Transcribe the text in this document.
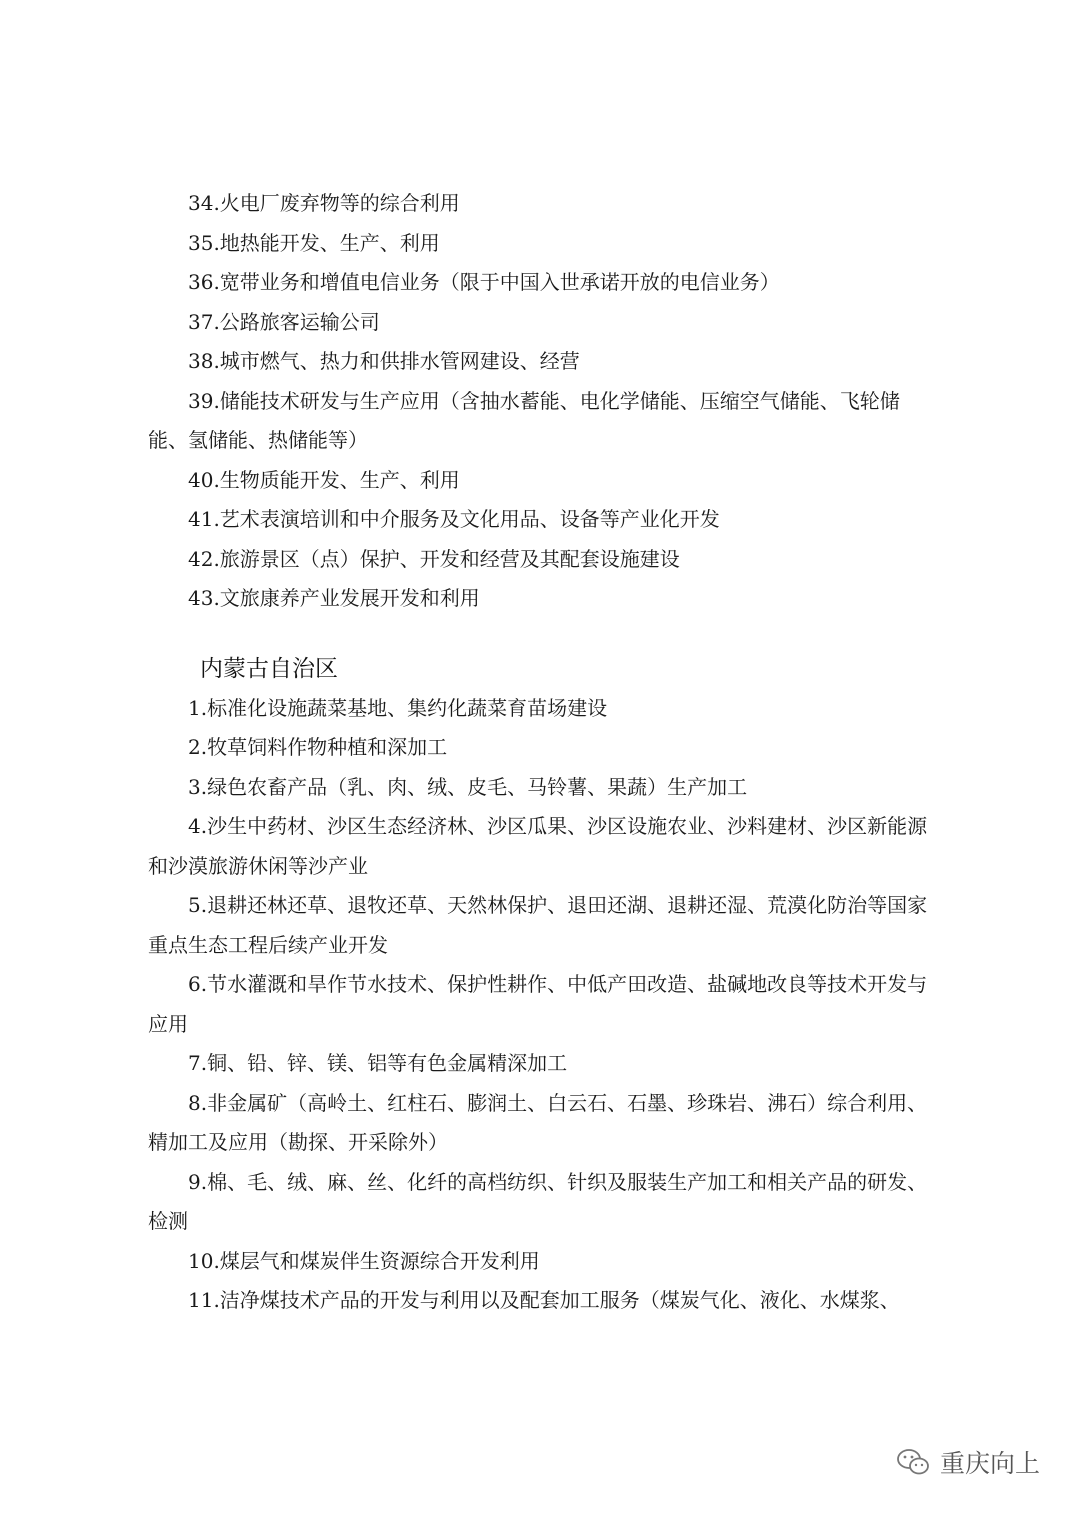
34.火电厂废弃物等的综合利用

35.地热能开发、生产、利用

36.宽带业务和增值电信业务（限于中国入世承诺开放的电信业务）

37.公路旅客运输公司

38.城市燃气、热力和供排水管网建设、经营

39.储能技术研发与生产应用（含抽水蓄能、电化学储能、压缩空气储能、飞轮储能、氢储能、热储能等）

40.生物质能开发、生产、利用

41.艺术表演培训和中介服务及文化用品、设备等产业化开发

42.旅游景区（点）保护、开发和经营及其配套设施建设

43.文旅康养产业发展开发和利用

内蒙古自治区

1.标准化设施蔬菜基地、集约化蔬菜育苗场建设

2.牧草饲料作物种植和深加工

3.绿色农畜产品（乳、肉、绒、皮毛、马铃薯、果蔬）生产加工

4.沙生中药材、沙区生态经济林、沙区瓜果、沙区设施农业、沙料建材、沙区新能源和沙漠旅游休闲等沙产业

5.退耕还林还草、退牧还草、天然林保护、退田还湖、退耕还湿、荒漠化防治等国家重点生态工程后续产业开发

6.节水灌溉和旱作节水技术、保护性耕作、中低产田改造、盐碱地改良等技术开发与应用

7.铜、铅、锌、镁、铝等有色金属精深加工

8.非金属矿（高岭土、红柱石、膨润土、白云石、石墨、珍珠岩、沸石）综合利用、精加工及应用（勘探、开采除外）

9.棉、毛、绒、麻、丝、化纤的高档纺织、针织及服装生产加工和相关产品的研发、检测

10.煤层气和煤炭伴生资源综合开发利用

11.洁净煤技术产品的开发与利用以及配套加工服务（煤炭气化、液化、水煤浆、

重庆向上
